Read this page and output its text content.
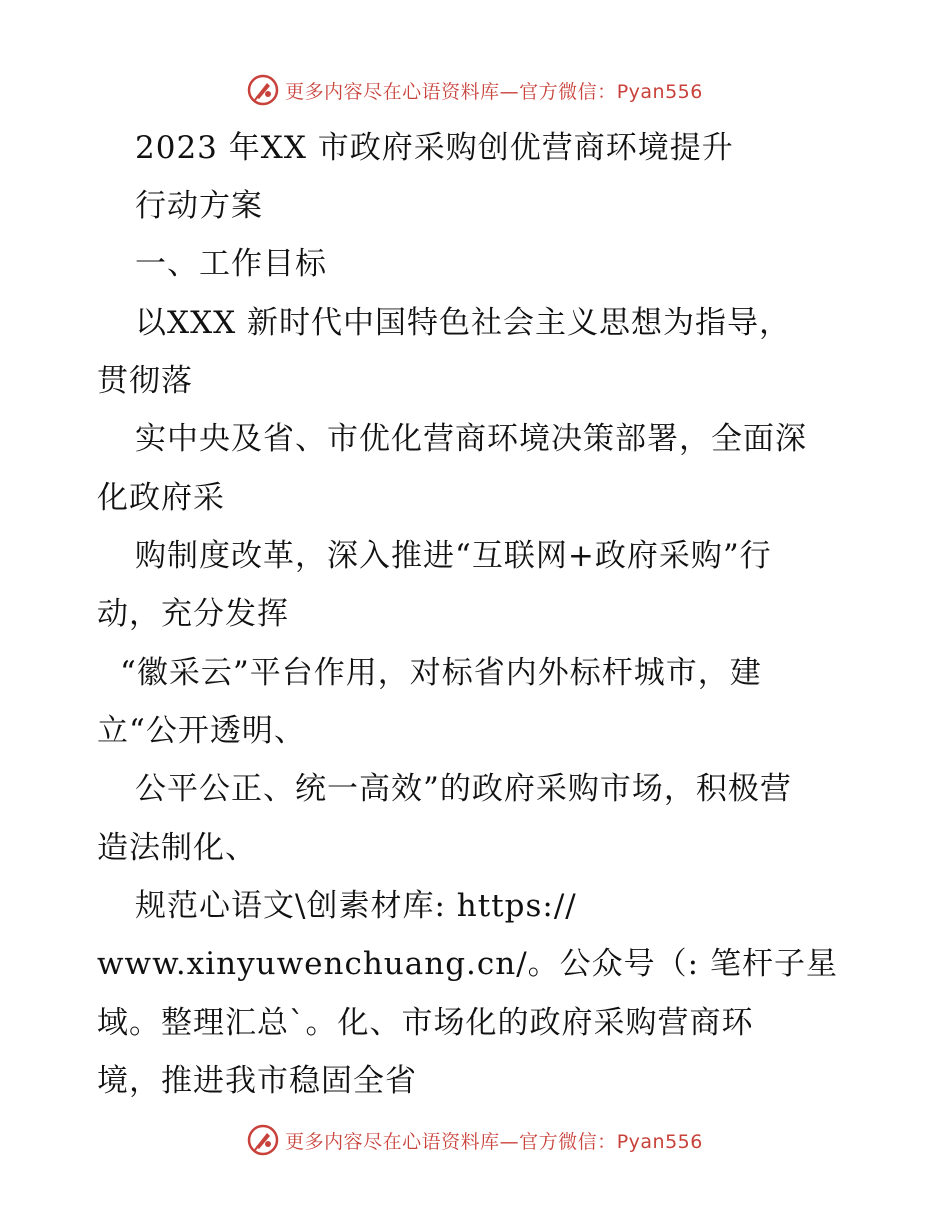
更多内容尽在心语资料库—官方微信：Pyan556
2023 年XX 市政府采购创优营商环境提升
行动方案
一、工作目标
以XXX 新时代中国特色社会主义思想为指导，
贯彻落
实中央及省、市优化营商环境决策部署，全面深
化政府采
购制度改革，深入推进“互联网+政府采购”行
动，充分发挥
“徽采云”平台作用，对标省内外标杆城市，建
立“公开透明、
公平公正、统一高效”的政府采购市场，积极营
造法制化、
规范心语文\创素材库: https://
www.xinyuwenchuang.cn/。公众号（: 笔杆子星
域。整理汇总`。化、市场化的政府采购营商环
境，推进我市稳固全省
更多内容尽在心语资料库—官方微信：Pyan556
